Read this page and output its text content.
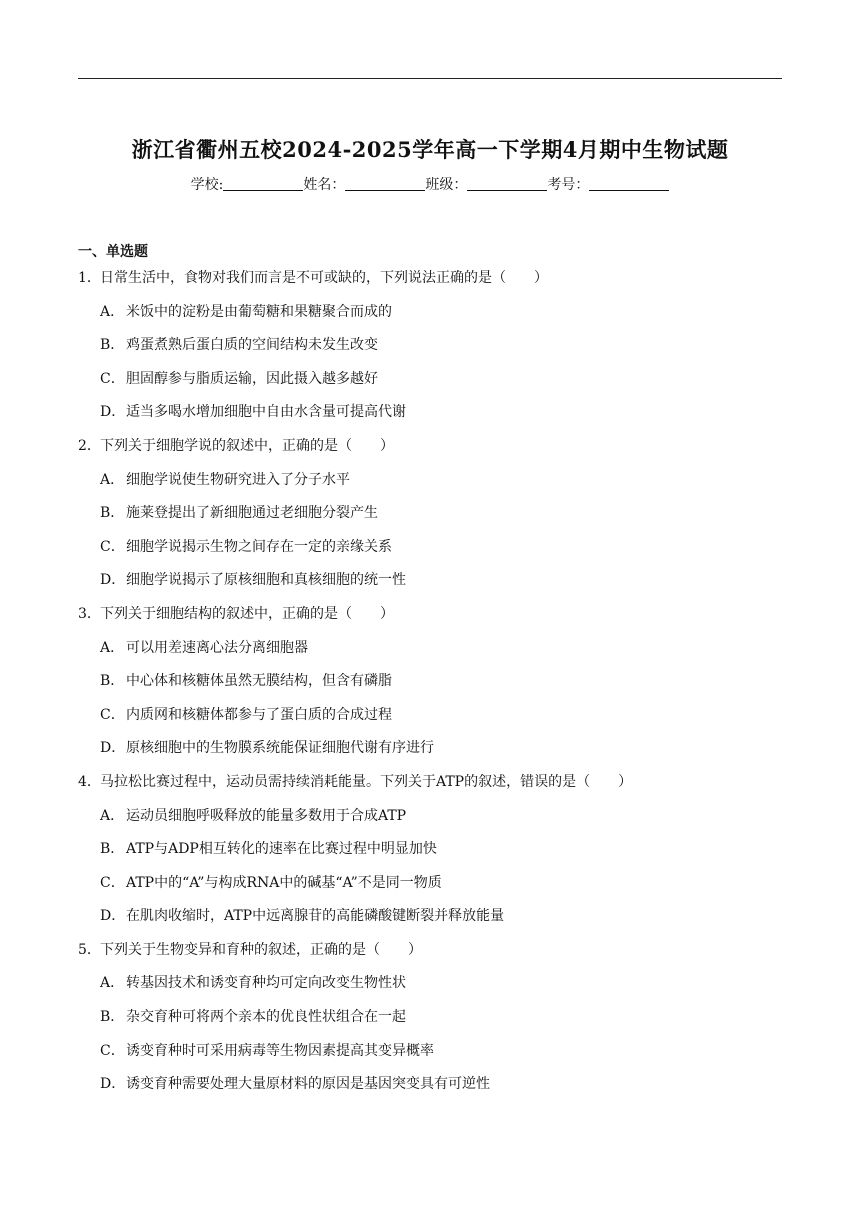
浙江省衢州五校2024-2025学年高一下学期4月期中生物试题
学校:	姓名：	班级：	考号：
一、单选题
1．日常生活中，食物对我们而言是不可或缺的，下列说法正确的是（　　）
A． 米饭中的淀粉是由葡萄糖和果糖聚合而成的
B． 鸡蛋煮熟后蛋白质的空间结构未发生改变
C．胆固醇参与脂质运输，因此摄入越多越好
D．适当多喝水增加细胞中自由水含量可提高代谢
2．下列关于细胞学说的叙述中，正确的是（　　）
A． 细胞学说使生物研究进入了分子水平
B． 施莱登提出了新细胞通过老细胞分裂产生
C．细胞学说揭示生物之间存在一定的亲缘关系
D．细胞学说揭示了原核细胞和真核细胞的统一性
3．下列关于细胞结构的叙述中，正确的是（　　）
A． 可以用差速离心法分离细胞器
B． 中心体和核糖体虽然无膜结构，但含有磷脂
C．内质网和核糖体都参与了蛋白质的合成过程
D．原核细胞中的生物膜系统能保证细胞代谢有序进行
4．马拉松比赛过程中，运动员需持续消耗能量。下列关于ATP的叙述，错误的是（　　）
A． 运动员细胞呼吸释放的能量多数用于合成ATP
B． ATP与ADP相互转化的速率在比赛过程中明显加快
C．ATP中的“A”与构成RNA中的碱基“A”不是同一物质
D．在肌肉收缩时，ATP中远离腺苷的高能磷酸键断裂并释放能量
5．下列关于生物变异和育种的叙述，正确的是（　　）
A． 转基因技术和诱变育种均可定向改变生物性状
B． 杂交育种可将两个亲本的优良性状组合在一起
C．诱变育种时可采用病毒等生物因素提高其变异概率
D．诱变育种需要处理大量原材料的原因是基因突变具有可逆性
